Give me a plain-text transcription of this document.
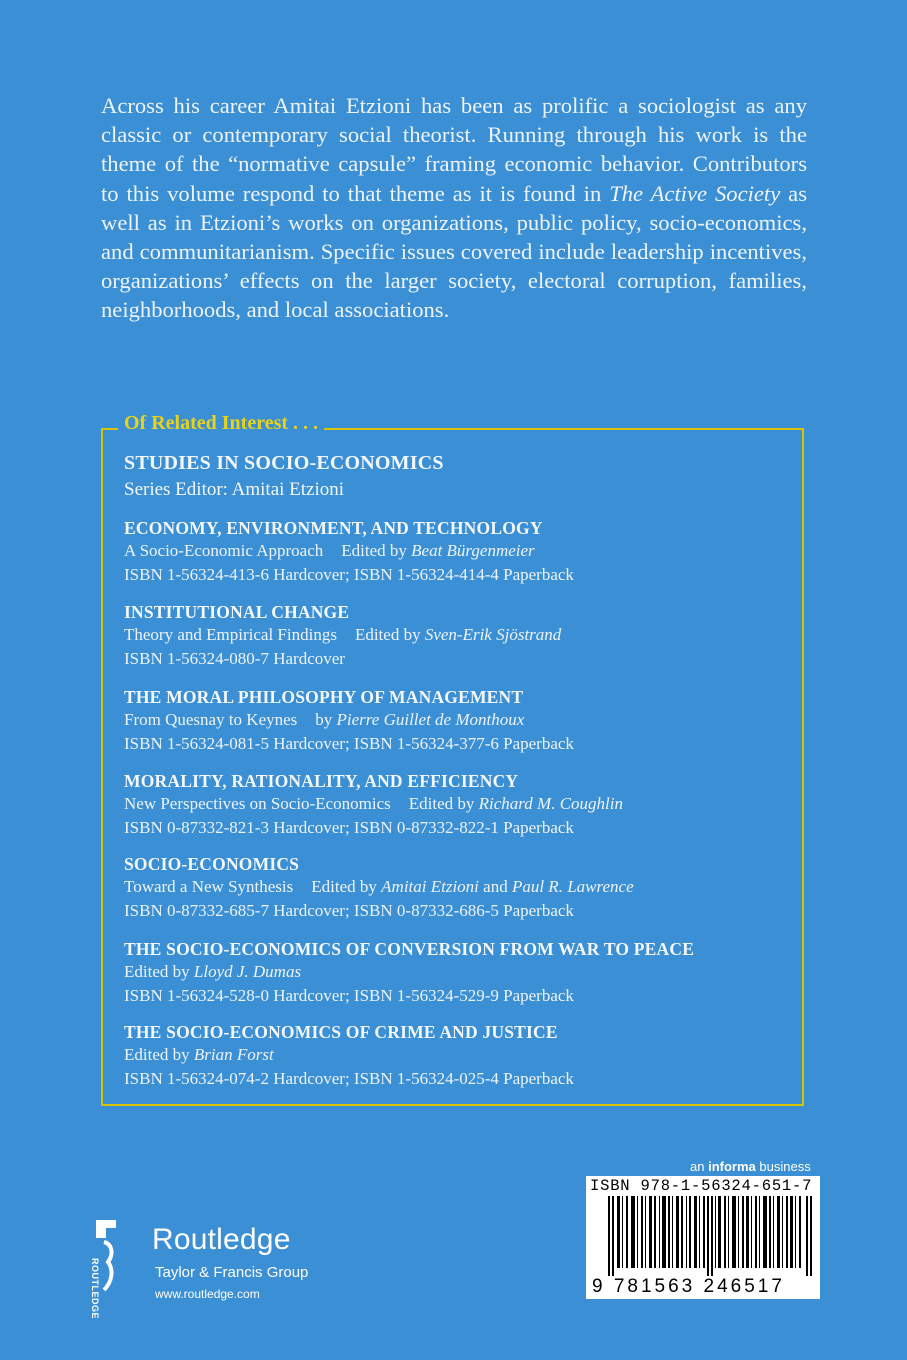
Across his career Amitai Etzioni has been as prolific a sociologist as any classic or contemporary social theorist. Running through his work is the theme of the “normative capsule” framing economic behavior. Contributors to this volume respond to that theme as it is found in The Active Society as well as in Etzioni’s works on organizations, public policy, socio-economics, and communitarianism. Specific issues covered include leadership incentives, organizations’ effects on the larger society, electoral corruption, families, neighborhoods, and local associations.
Of Related Interest . . .
STUDIES IN SOCIO-ECONOMICS
Series Editor: Amitai Etzioni
ECONOMY, ENVIRONMENT, AND TECHNOLOGY
A Socio-Economic Approach Edited by Beat Bürgenmeier
ISBN 1-56324-413-6 Hardcover; ISBN 1-56324-414-4 Paperback
INSTITUTIONAL CHANGE
Theory and Empirical Findings Edited by Sven-Erik Sjöstrand
ISBN 1-56324-080-7 Hardcover
THE MORAL PHILOSOPHY OF MANAGEMENT
From Quesnay to Keynes by Pierre Guillet de Monthoux
ISBN 1-56324-081-5 Hardcover; ISBN 1-56324-377-6 Paperback
MORALITY, RATIONALITY, AND EFFICIENCY
New Perspectives on Socio-Economics Edited by Richard M. Coughlin
ISBN 0-87332-821-3 Hardcover; ISBN 0-87332-822-1 Paperback
SOCIO-ECONOMICS
Toward a New Synthesis Edited by Amitai Etzioni and Paul R. Lawrence
ISBN 0-87332-685-7 Hardcover; ISBN 0-87332-686-5 Paperback
THE SOCIO-ECONOMICS OF CONVERSION FROM WAR TO PEACE
Edited by Lloyd J. Dumas
ISBN 1-56324-528-0 Hardcover; ISBN 1-56324-529-9 Paperback
THE SOCIO-ECONOMICS OF CRIME AND JUSTICE
Edited by Brian Forst
ISBN 1-56324-074-2 Hardcover; ISBN 1-56324-025-4 Paperback
an informa business
ISBN 978-1-56324-651-7
9 781563 246517
ROUTLEDGE
Routledge
Taylor & Francis Group
www.routledge.com
